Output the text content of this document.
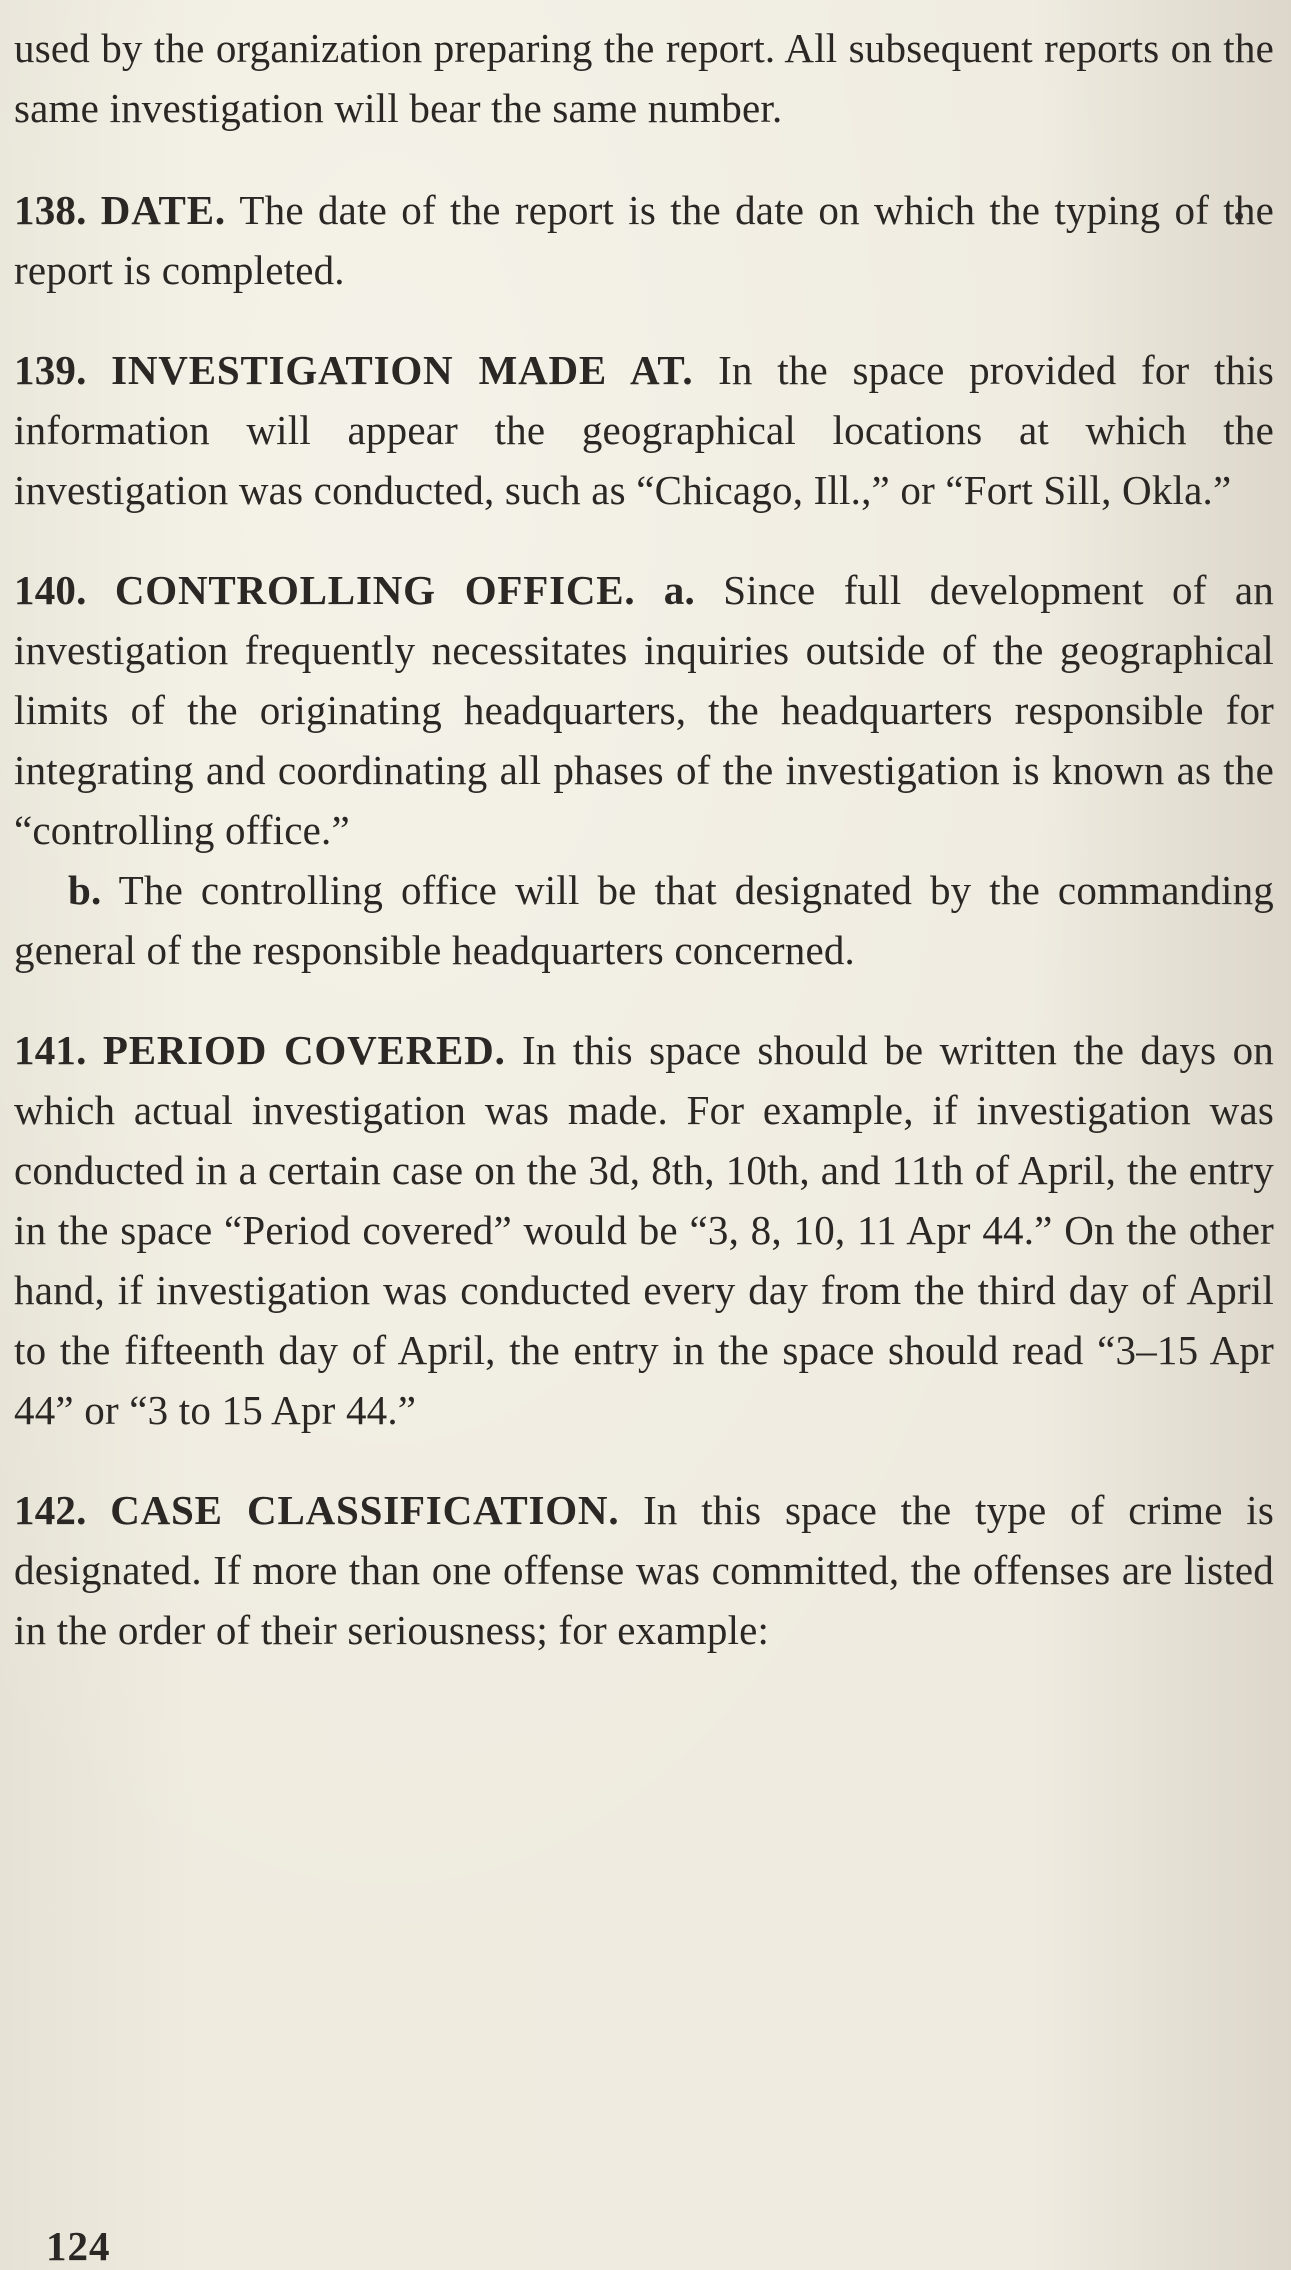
used by the organization preparing the report. All subsequent reports on the same investigation will bear the same number.

138. DATE. The date of the report is the date on which the typing of the report is completed.

139. INVESTIGATION MADE AT. In the space provided for this information will appear the geographical locations at which the investigation was conducted, such as “Chicago, Ill.,” or “Fort Sill, Okla.”

140. CONTROLLING OFFICE. a. Since full development of an investigation frequently necessitates inquiries outside of the geographical limits of the originating headquarters, the headquarters responsible for integrating and coordinating all phases of the investigation is known as the “controlling office.”

b. The controlling office will be that designated by the commanding general of the responsible headquarters concerned.

141. PERIOD COVERED. In this space should be written the days on which actual investigation was made. For example, if investigation was conducted in a certain case on the 3d, 8th, 10th, and 11th of April, the entry in the space “Period covered” would be “3, 8, 10, 11 Apr 44.” On the other hand, if investigation was conducted every day from the third day of April to the fifteenth day of April, the entry in the space should read “3–15 Apr 44” or “3 to 15 Apr 44.”

142. CASE CLASSIFICATION. In this space the type of crime is designated. If more than one offense was committed, the offenses are listed in the order of their seriousness; for example:

124
